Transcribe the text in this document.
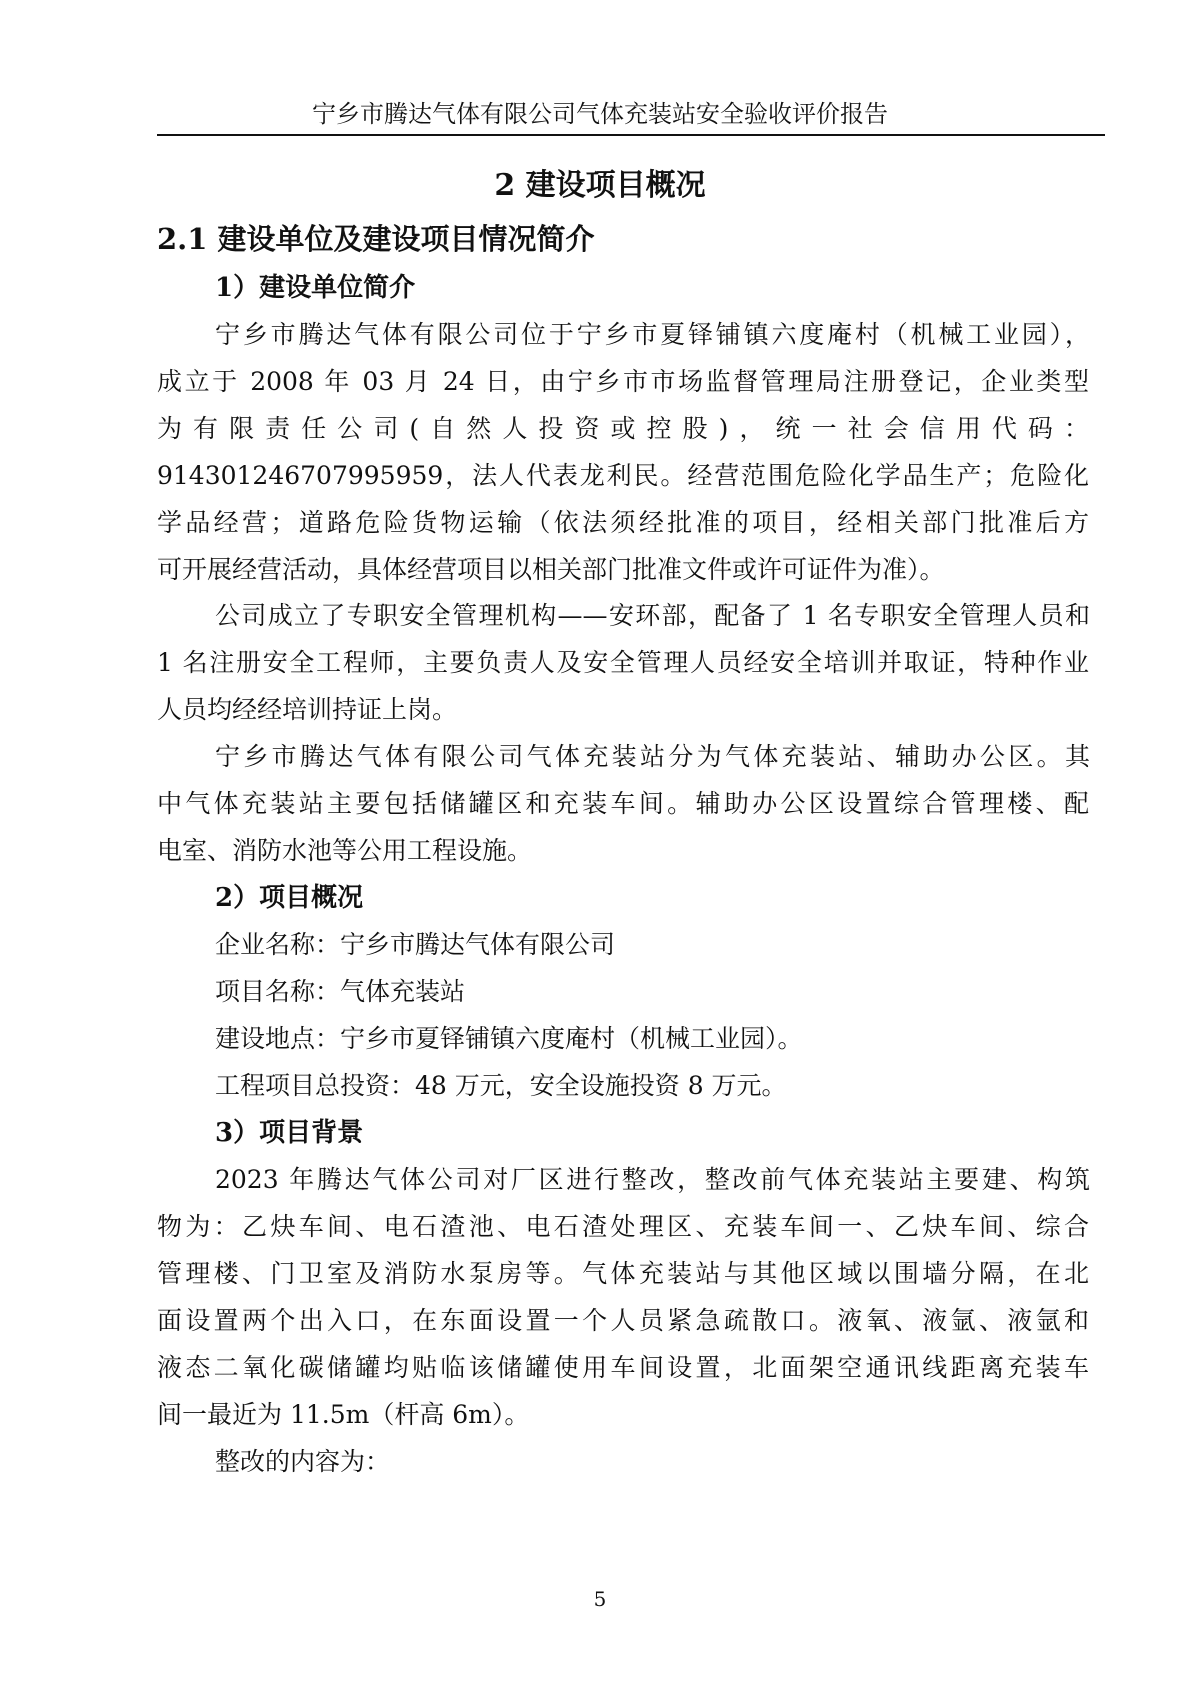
宁乡市腾达气体有限公司气体充装站安全验收评价报告
2 建设项目概况
2.1 建设单位及建设项目情况简介
1）建设单位简介
宁乡市腾达气体有限公司位于宁乡市夏铎铺镇六度庵村（机械工业园），
成立于 2008 年 03 月 24 日，由宁乡市市场监督管理局注册登记，企业类型
为有限责任公司(自然人投资或控股)，统一社会信用代码：
914301246707995959，法人代表龙利民。经营范围危险化学品生产；危险化
学品经营；道路危险货物运输（依法须经批准的项目，经相关部门批准后方
可开展经营活动，具体经营项目以相关部门批准文件或许可证件为准）。
公司成立了专职安全管理机构——安环部，配备了 1 名专职安全管理人员和
1 名注册安全工程师，主要负责人及安全管理人员经安全培训并取证，特种作业
人员均经经培训持证上岗。
宁乡市腾达气体有限公司气体充装站分为气体充装站、辅助办公区。其
中气体充装站主要包括储罐区和充装车间。辅助办公区设置综合管理楼、配
电室、消防水池等公用工程设施。
2）项目概况
企业名称：宁乡市腾达气体有限公司
项目名称：气体充装站
建设地点：宁乡市夏铎铺镇六度庵村（机械工业园）。
工程项目总投资：48 万元，安全设施投资 8 万元。
3）项目背景
2023 年腾达气体公司对厂区进行整改，整改前气体充装站主要建、构筑
物为：乙炔车间、电石渣池、电石渣处理区、充装车间一、乙炔车间、综合
管理楼、门卫室及消防水泵房等。气体充装站与其他区域以围墙分隔，在北
面设置两个出入口，在东面设置一个人员紧急疏散口。液氧、液氩、液氩和
液态二氧化碳储罐均贴临该储罐使用车间设置，北面架空通讯线距离充装车
间一最近为 11.5m（杆高 6m）。
整改的内容为：
5
